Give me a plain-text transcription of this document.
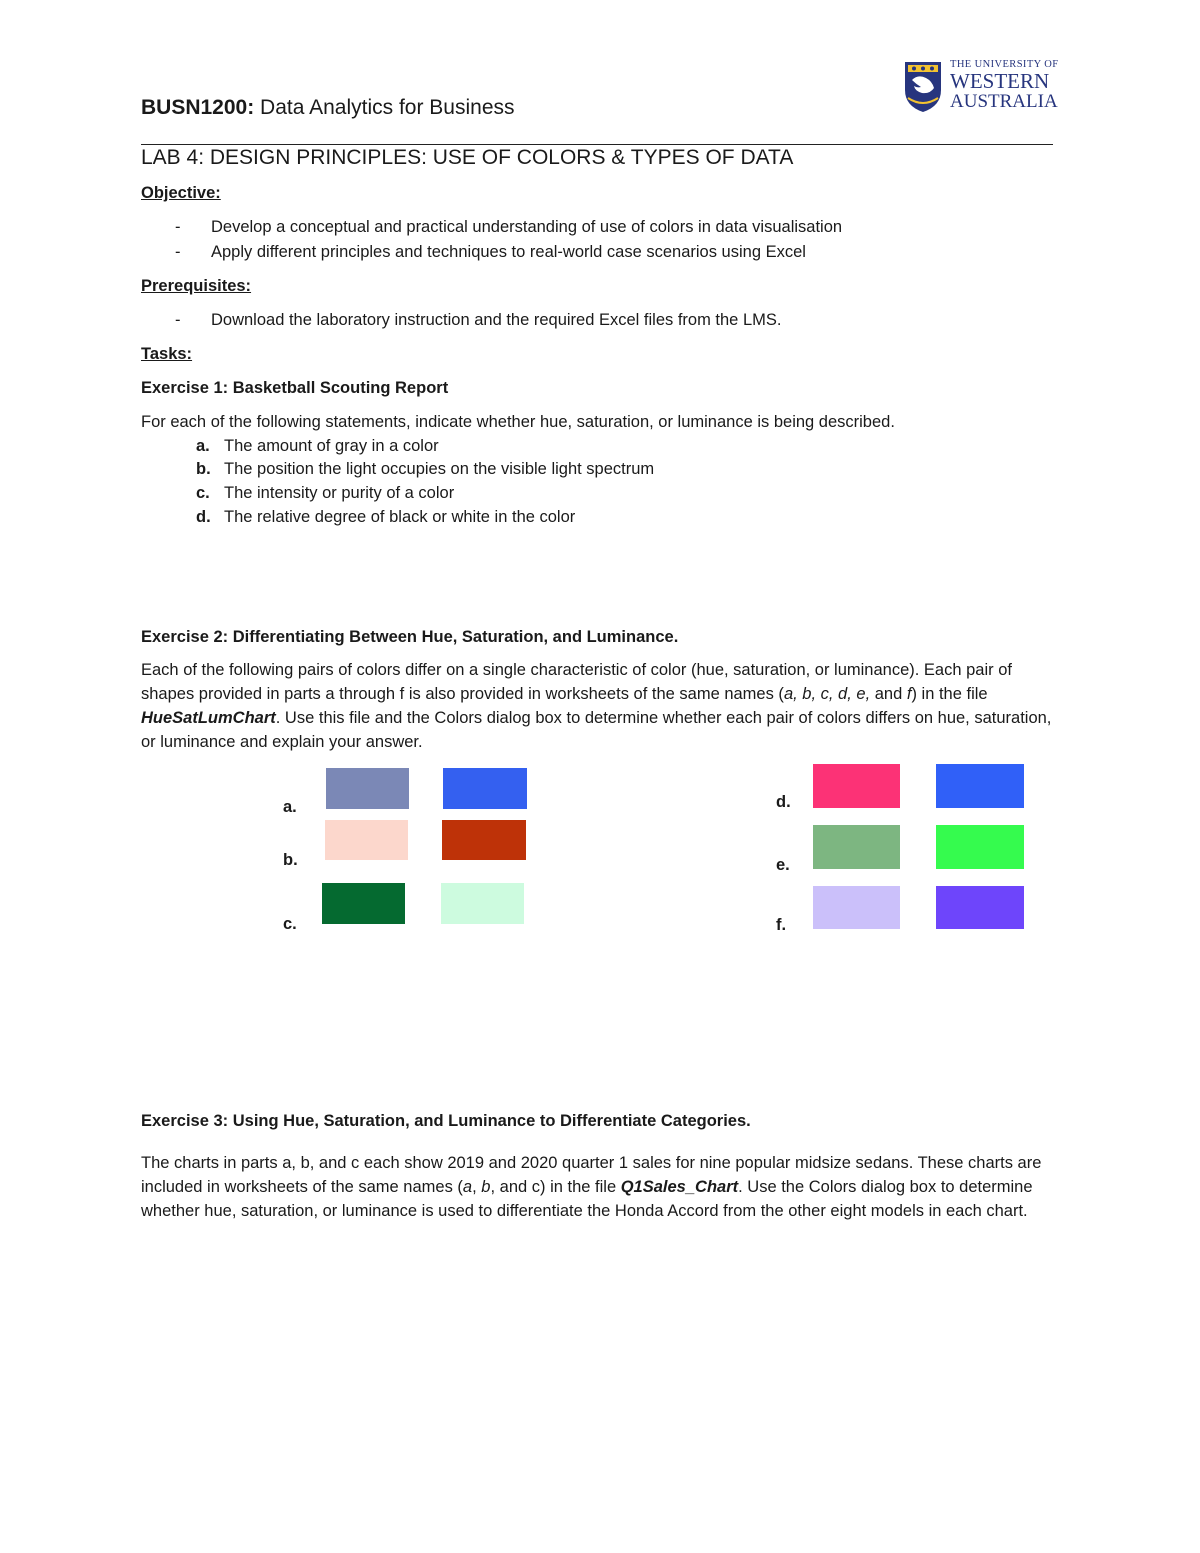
BUSN1200: Data Analytics for Business
THE UNIVERSITY OF
WESTERN
AUSTRALIA
LAB 4: DESIGN PRINCIPLES: USE OF COLORS & TYPES OF DATA
Objective:
- Develop a conceptual and practical understanding of use of colors in data visualisation
- Apply different principles and techniques to real-world case scenarios using Excel
Prerequisites:
- Download the laboratory instruction and the required Excel files from the LMS.
Tasks:
Exercise 1: Basketball Scouting Report
For each of the following statements, indicate whether hue, saturation, or luminance is being described.
a. The amount of gray in a color
b. The position the light occupies on the visible light spectrum
c. The intensity or purity of a color
d. The relative degree of black or white in the color
Exercise 2: Differentiating Between Hue, Saturation, and Luminance.
Each of the following pairs of colors differ on a single characteristic of color (hue, saturation, or luminance). Each pair of shapes provided in parts a through f is also provided in worksheets of the same names (a, b, c, d, e, and f) in the file HueSatLumChart. Use this file and the Colors dialog box to determine whether each pair of colors differs on hue, saturation, or luminance and explain your answer.
a.
b.
c.
d.
e.
f.
Exercise 3: Using Hue, Saturation, and Luminance to Differentiate Categories.
The charts in parts a, b, and c each show 2019 and 2020 quarter 1 sales for nine popular midsize sedans. These charts are included in worksheets of the same names (a, b, and c) in the file Q1Sales_Chart. Use the Colors dialog box to determine whether hue, saturation, or luminance is used to differentiate the Honda Accord from the other eight models in each chart.
